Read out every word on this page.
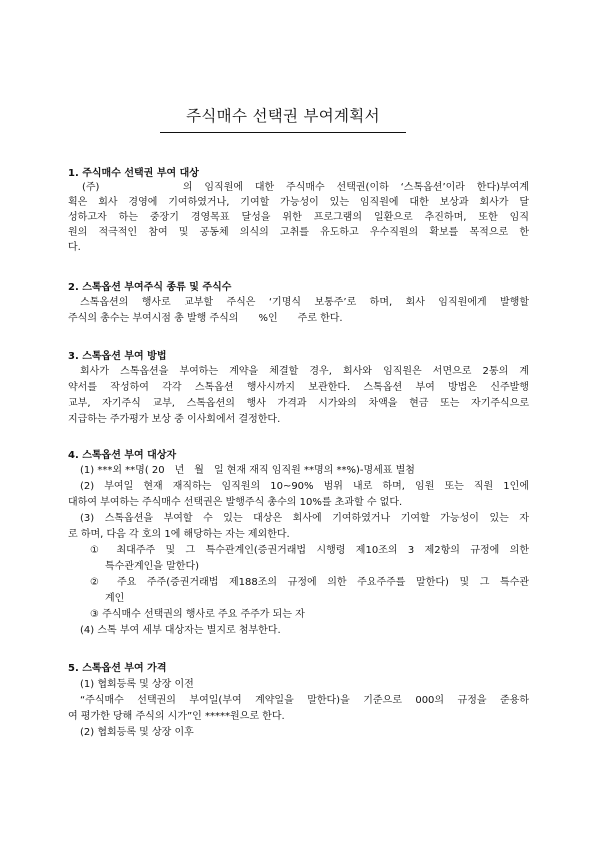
주식매수 선택권 부여계획서
1. 주식매수 선택권 부여 대상
(주)　　　　의 임직원에 대한 주식매수 선택권(이하 ‘스톡옵션’이라 한다)부여계
획은 회사 경영에 기여하였거나, 기여할 가능성이 있는 임직원에 대한 보상과 회사가 달
성하고자 하는 중장기 경영목표 달성을 위한 프로그램의 일환으로 추진하며, 또한 임직
원의 적극적인 참여 및 공동체 의식의 고취를 유도하고 우수직원의 확보를 목적으로 한
다.
2. 스톡옵션 부여주식 종류 및 주식수
스톡옵션의 행사로 교부할 주식은 ‘기명식 보통주’로 하며, 회사 임직원에게 발행할
주식의 총수는 부여시점 총 발행 주식의　　%인　　주로 한다.
3. 스톡옵션 부여 방법
회사가 스톡옵션을 부여하는 계약을 체결할 경우, 회사와 임직원은 서면으로 2통의 계
약서를 작성하여 각각 스톡옵션 행사시까지 보관한다. 스톡옵션 부여 방법은 신주발행
교부, 자기주식 교부, 스톡옵션의 행사 가격과 시가와의 차액을 현금 또는 자기주식으로
지급하는 주가평가 보상 중 이사회에서 결정한다.
4. 스톡옵션 부여 대상자
(1) ***외 **명( 20　년　월　일 현재 재직 임직원 **명의 **%)-명세표 별첨
(2) 부여일 현재 재직하는 임직원의 10~90% 범위 내로 하며, 임원 또는 직원 1인에
대하여 부여하는 주식매수 선택권은 발행주식 총수의 10%를 초과할 수 없다.
(3) 스톡옵션을 부여할 수 있는 대상은 회사에 기여하였거나 기여할 가능성이 있는 자
로 하며, 다음 각 호의 1에 해당하는 자는 제외한다.
① 최대주주 및 그 특수관계인(증권거래법 시행령 제10조의 3 제2항의 규정에 의한
특수관계인을 말한다)
② 주요 주주(증권거래법 제188조의 규정에 의한 주요주주를 말한다) 및 그 특수관
계인
③ 주식매수 선택권의 행사로 주요 주주가 되는 자
(4) 스톡 부여 세부 대상자는 별지로 첨부한다.
5. 스톡옵션 부여 가격
(1) 협회등록 및 상장 이전
“주식매수 선택권의 부여일(부여 계약일을 말한다)을 기준으로 000의 규정을 준용하
여 평가한 당해 주식의 시가”인 *****원으로 한다.
(2) 협회등록 및 상장 이후
